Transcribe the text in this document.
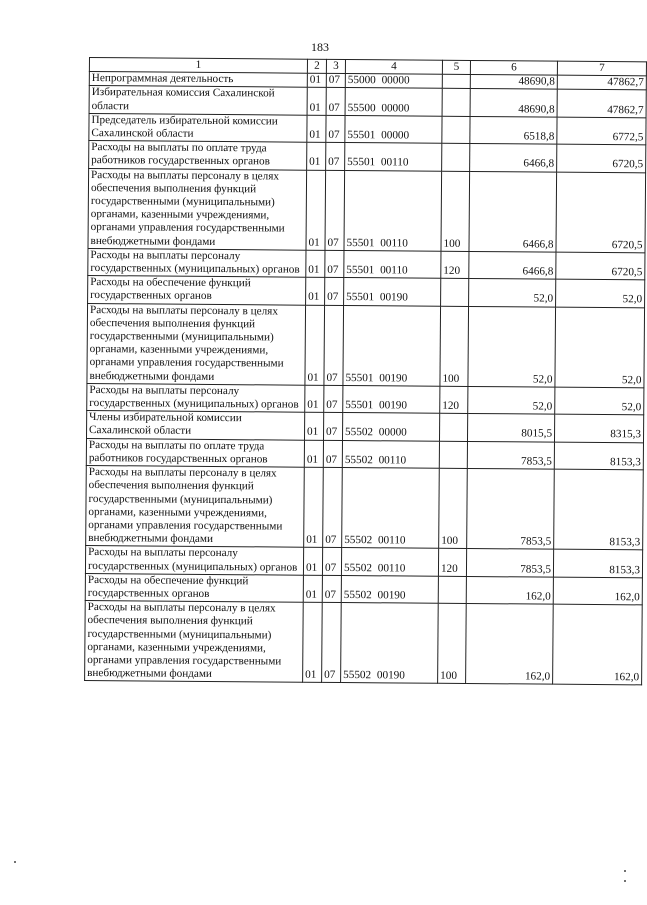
183
1	2	3	4	5	6	7
Непрограммная деятельность	01	07	55000 00000		48690,8	47862,7
Избирательная комиссия Сахалинской области	01	07	55500 00000		48690,8	47862,7
Председатель избирательной комиссии Сахалинской области	01	07	55501 00000		6518,8	6772,5
Расходы на выплаты по оплате труда работников государственных органов	01	07	55501 00110		6466,8	6720,5
Расходы на выплаты персоналу в целях обеспечения выполнения функций государственными (муниципальными) органами, казенными учреждениями, органами управления государственными внебюджетными фондами	01	07	55501 00110	100	6466,8	6720,5
Расходы на выплаты персоналу государственных (муниципальных) органов	01	07	55501 00110	120	6466,8	6720,5
Расходы на обеспечение функций государственных органов	01	07	55501 00190		52,0	52,0
Расходы на выплаты персоналу в целях обеспечения выполнения функций государственными (муниципальными) органами, казенными учреждениями, органами управления государственными внебюджетными фондами	01	07	55501 00190	100	52,0	52,0
Расходы на выплаты персоналу государственных (муниципальных) органов	01	07	55501 00190	120	52,0	52,0
Члены избирательной комиссии Сахалинской области	01	07	55502 00000		8015,5	8315,3
Расходы на выплаты по оплате труда работников государственных органов	01	07	55502 00110		7853,5	8153,3
Расходы на выплаты персоналу в целях обеспечения выполнения функций государственными (муниципальными) органами, казенными учреждениями, органами управления государственными внебюджетными фондами	01	07	55502 00110	100	7853,5	8153,3
Расходы на выплаты персоналу государственных (муниципальных) органов	01	07	55502 00110	120	7853,5	8153,3
Расходы на обеспечение функций государственных органов	01	07	55502 00190		162,0	162,0
Расходы на выплаты персоналу в целях обеспечения выполнения функций государственными (муниципальными) органами, казенными учреждениями, органами управления государственными внебюджетными фондами	01	07	55502 00190	100	162,0	162,0
